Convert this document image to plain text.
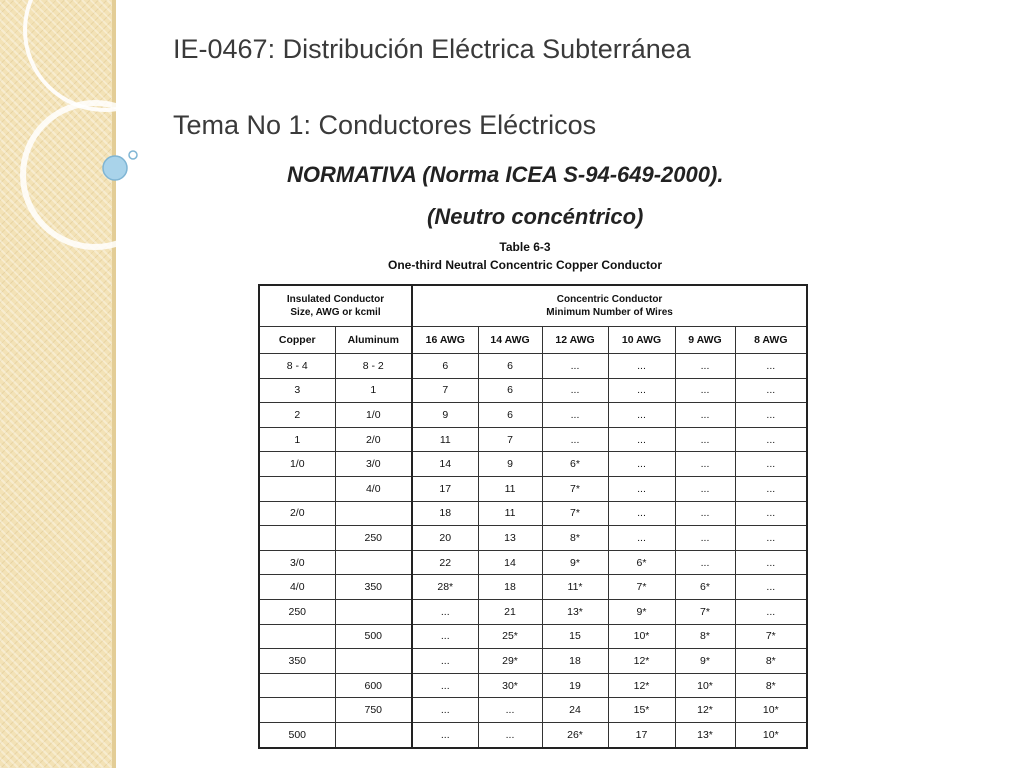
IE-0467: Distribución Eléctrica Subterránea
Tema No 1: Conductores Eléctricos
NORMATIVA (Norma ICEA S-94-649-2000).
(Neutro concéntrico)
Table 6-3
One-third Neutral Concentric Copper Conductor
Insulated Conductor
Size, AWG or kcmil		Concentric Conductor
Minimum Number of Wires					
Copper	Aluminum	16 AWG	14 AWG	12 AWG	10 AWG	9 AWG	8 AWG
8 - 4	8 - 2	6	6	...	...	...	...
3	1	7	6	...	...	...	...
2	1/0	9	6	...	...	...	...
1	2/0	11	7	...	...	...	...
1/0	3/0	14	9	6*	...	...	...
	4/0	17	11	7*	...	...	...
2/0		18	11	7*	...	...	...
	250	20	13	8*	...	...	...
3/0		22	14	9*	6*	...	...
4/0	350	28*	18	11*	7*	6*	...
250		...	21	13*	9*	7*	...
	500	...	25*	15	10*	8*	7*
350		...	29*	18	12*	9*	8*
	600	...	30*	19	12*	10*	8*
	750	...	...	24	15*	12*	10*
500		...	...	26*	17	13*	10*
